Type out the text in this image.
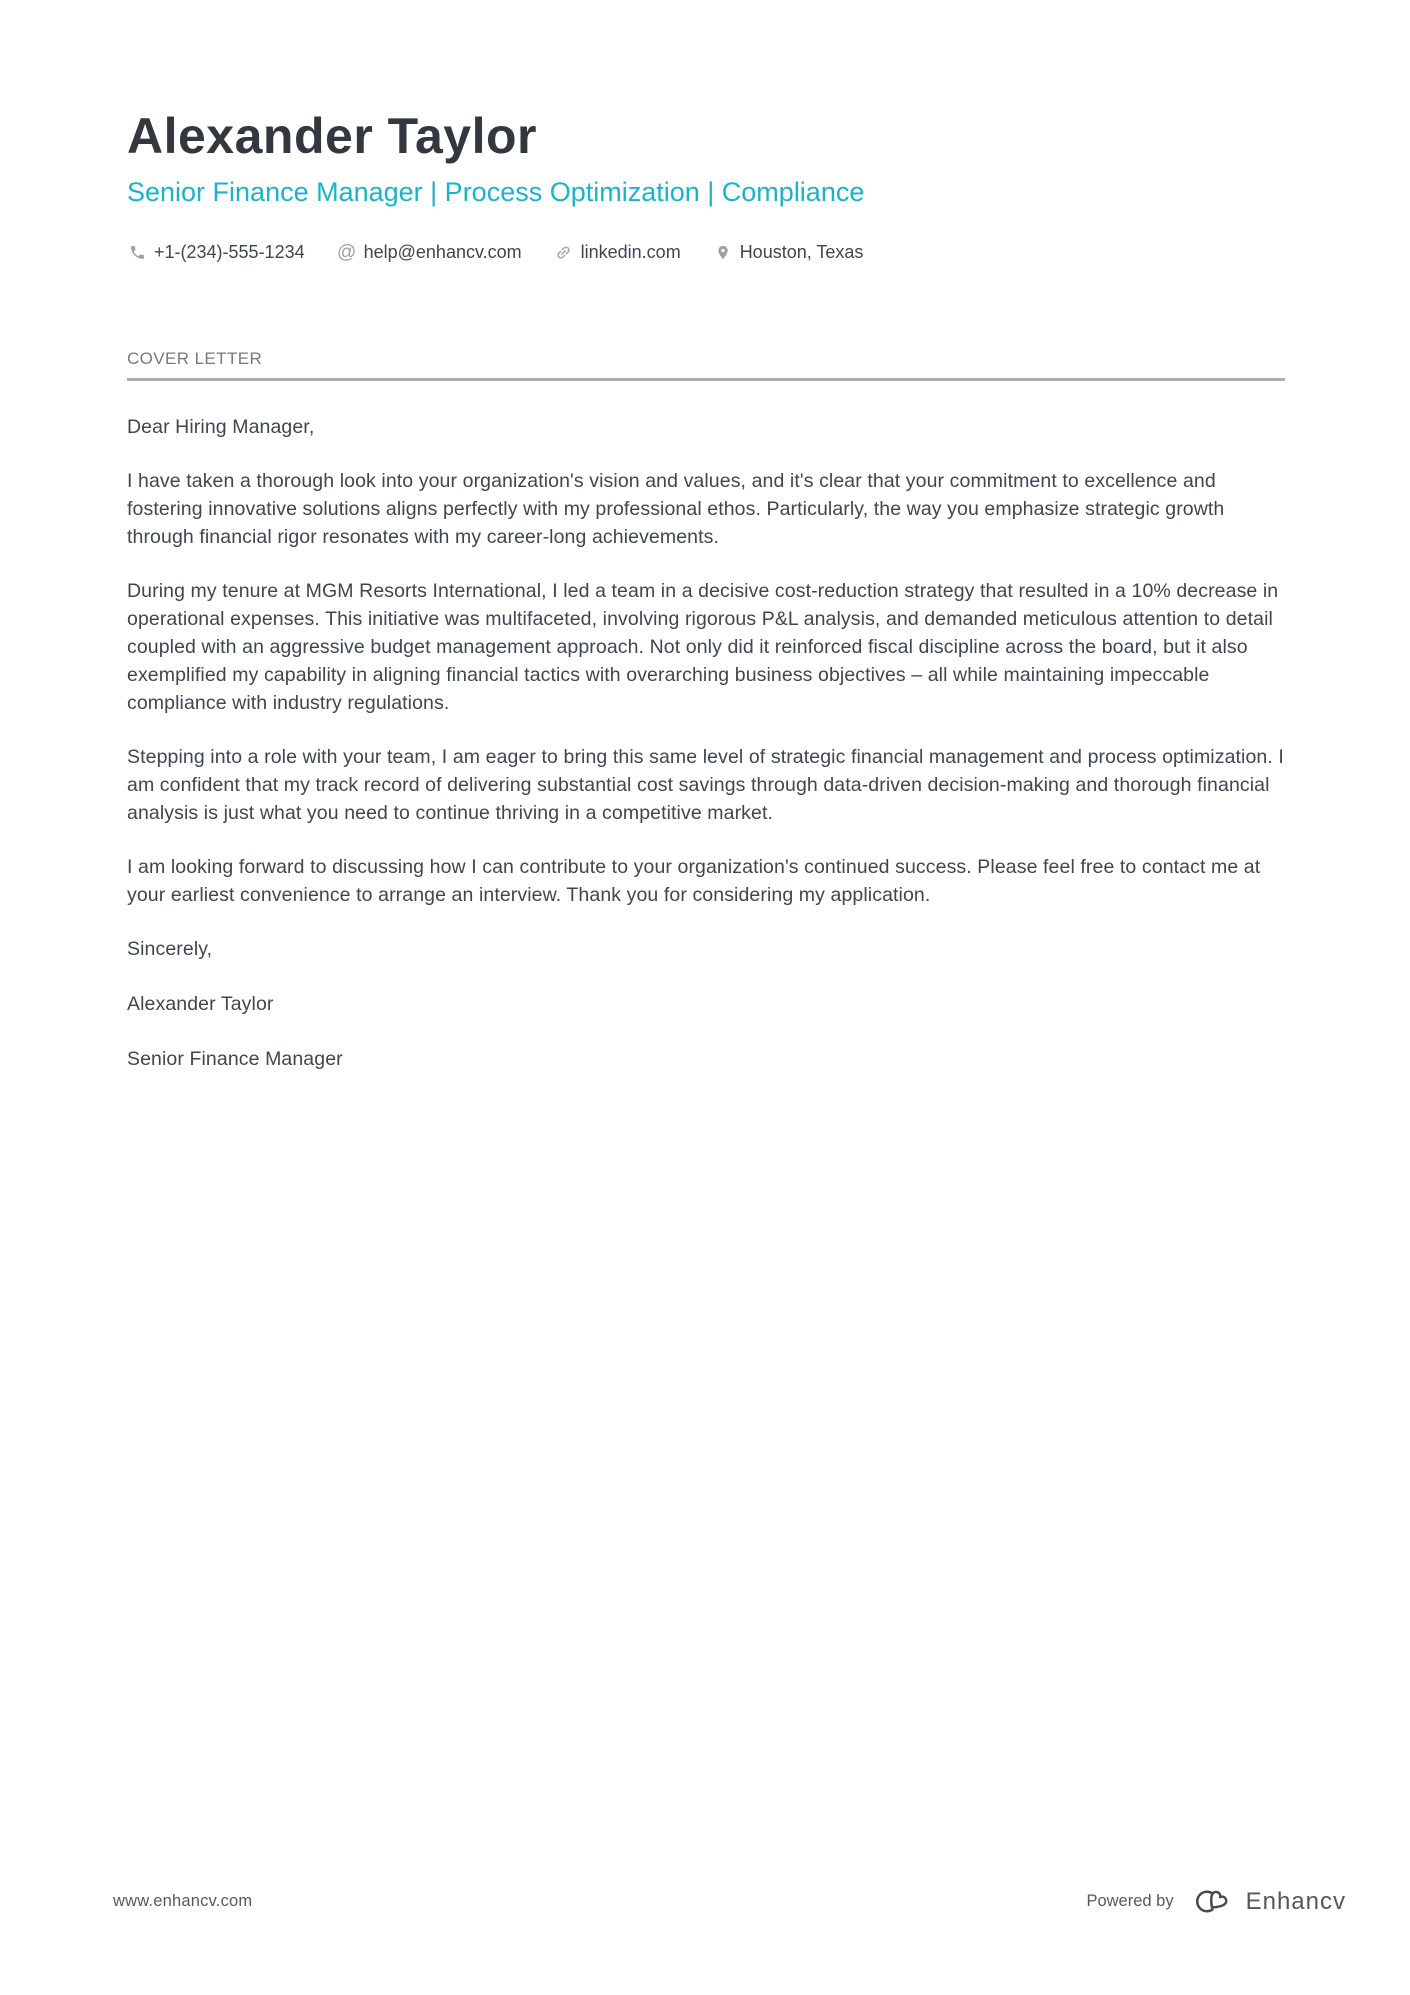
Alexander Taylor
Senior Finance Manager | Process Optimization | Compliance
+1-(234)-555-1234 @ help@enhancv.com	linkedin.com	Houston, Texas
COVER LETTER

Dear Hiring Manager,

I have taken a thorough look into your organization's vision and values, and it's clear that your commitment to excellence and fostering innovative solutions aligns perfectly with my professional ethos. Particularly, the way you emphasize strategic growth through financial rigor resonates with my career-long achievements.

During my tenure at MGM Resorts International, I led a team in a decisive cost-reduction strategy that resulted in a 10% decrease in operational expenses. This initiative was multifaceted, involving rigorous P&L analysis, and demanded meticulous attention to detail coupled with an aggressive budget management approach. Not only did it reinforced fiscal discipline across the board, but it also exemplified my capability in aligning financial tactics with overarching business objectives – all while maintaining impeccable compliance with industry regulations.

Stepping into a role with your team, I am eager to bring this same level of strategic financial management and process optimization. I am confident that my track record of delivering substantial cost savings through data-driven decision-making and thorough financial analysis is just what you need to continue thriving in a competitive market.

I am looking forward to discussing how I can contribute to your organization's continued success. Please feel free to contact me at your earliest convenience to arrange an interview. Thank you for considering my application.

Sincerely,

Alexander Taylor

Senior Finance Manager

www.enhancv.com	Powered by	Enhancv
